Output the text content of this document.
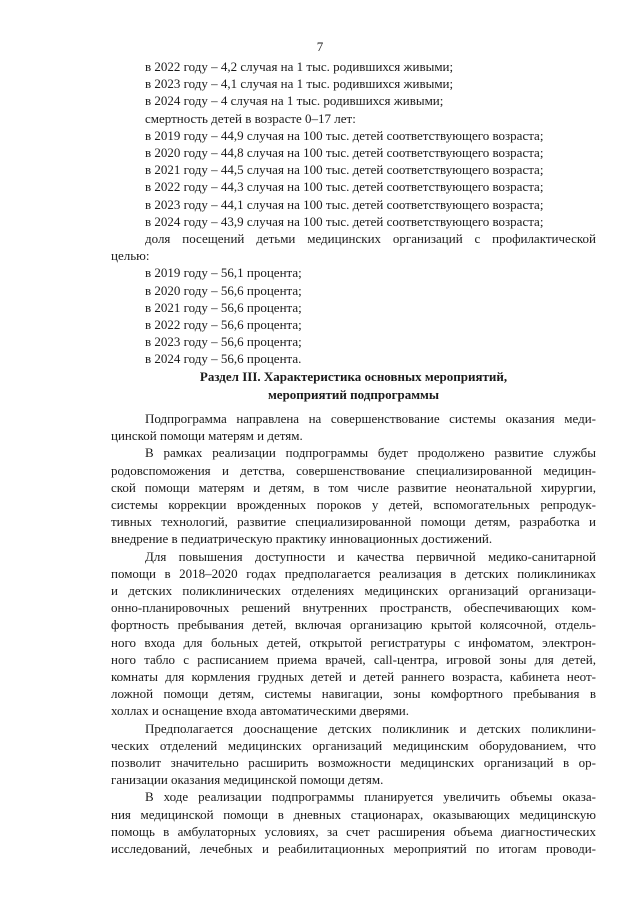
7
в 2022 году – 4,2 случая на 1 тыс. родившихся живыми;
в 2023 году – 4,1 случая на 1 тыс. родившихся живыми;
в 2024 году – 4 случая на 1 тыс. родившихся живыми;
смертность детей в возрасте 0–17 лет:
в 2019 году – 44,9 случая на 100 тыс. детей соответствующего возраста;
в 2020 году – 44,8 случая на 100 тыс. детей соответствующего возраста;
в 2021 году – 44,5 случая на 100 тыс. детей соответствующего возраста;
в 2022 году – 44,3 случая на 100 тыс. детей соответствующего возраста;
в 2023 году – 44,1 случая на 100 тыс. детей соответствующего возраста;
в 2024 году – 43,9 случая на 100 тыс. детей соответствующего возраста;
доля посещений детьми медицинских организаций с профилактической
целью:
в 2019 году – 56,1 процента;
в 2020 году – 56,6 процента;
в 2021 году – 56,6 процента;
в 2022 году – 56,6 процента;
в 2023 году – 56,6 процента;
в 2024 году – 56,6 процента.
Раздел III. Характеристика основных мероприятий,
мероприятий подпрограммы
Подпрограмма направлена на совершенствование системы оказания меди-
цинской помощи матерям и детям.
В рамках реализации подпрограммы будет продолжено развитие службы
родовспоможения и детства, совершенствование специализированной медицин-
ской помощи матерям и детям, в том числе развитие неонатальной хирургии,
системы коррекции врожденных пороков у детей, вспомогательных репродук-
тивных технологий, развитие специализированной помощи детям, разработка и
внедрение в педиатрическую практику инновационных достижений.
Для повышения доступности и качества первичной медико-санитарной
помощи в 2018–2020 годах предполагается реализация в детских поликлиниках
и детских поликлинических отделениях медицинских организаций организаци-
онно-планировочных решений внутренних пространств, обеспечивающих ком-
фортность пребывания детей, включая организацию крытой колясочной, отдель-
ного входа для больных детей, открытой регистратуры с инфоматом, электрон-
ного табло с расписанием приема врачей, call-центра, игровой зоны для детей,
комнаты для кормления грудных детей и детей раннего возраста, кабинета неот-
ложной помощи детям, системы навигации, зоны комфортного пребывания в
холлах и оснащение входа автоматическими дверями.
Предполагается дооснащение детских поликлиник и детских поликлини-
ческих отделений медицинских организаций медицинским оборудованием, что
позволит значительно расширить возможности медицинских организаций в ор-
ганизации оказания медицинской помощи детям.
В ходе реализации подпрограммы планируется увеличить объемы оказа-
ния медицинской помощи в дневных стационарах, оказывающих медицинскую
помощь в амбулаторных условиях, за счет расширения объема диагностических
исследований, лечебных и реабилитационных мероприятий по итогам проводи-
